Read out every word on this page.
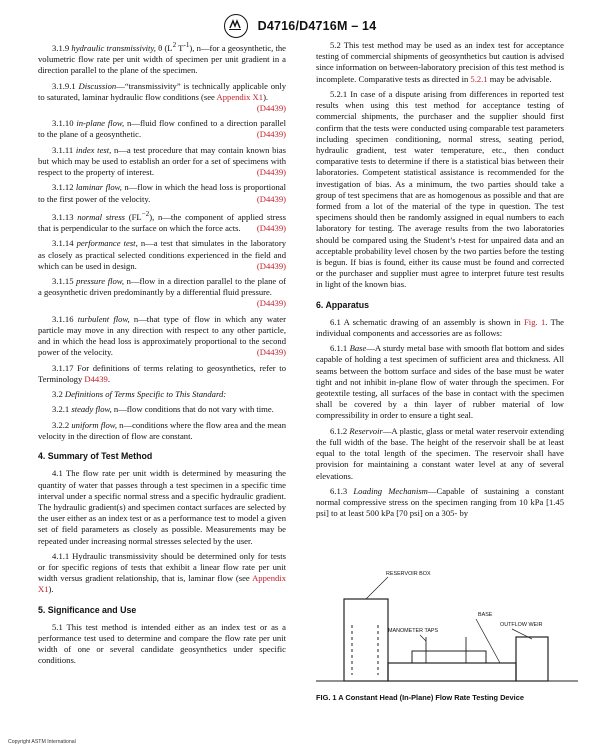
D4716/D4716M – 14

3.1.9 hydraulic transmissivity, θ ($L^2$ $T^{-1}$), n—for a geosynthetic, the volumetric flow rate per unit width of specimen per unit gradient in a direction parallel to the plane of the specimen.

3.1.9.1 Discussion—“transmissivity” is technically applicable only to saturated, laminar hydraulic flow conditions (see Appendix X1).
(D4439)

3.1.10 in-plane flow, n—fluid flow confined to a direction parallel to the plane of a geosynthetic.	(D4439)

3.1.11 index test, n—a test procedure that may contain known bias but which may be used to establish an order for a set of specimens with respect to the property of interest.	(D4439)

3.1.12 laminar flow, n—flow in which the head loss is proportional to the first power of the velocity.	(D4439)

3.1.13 normal stress $(FL^{-2})$, n—the component of applied stress that is perpendicular to the surface on which the force acts.	(D4439)

3.1.14 performance test, n—a test that simulates in the laboratory as closely as practical selected conditions experienced in the field and which can be used in design.	(D4439)

3.1.15 pressure flow, n—flow in a direction parallel to the plane of a geosynthetic driven predominantly by a differential fluid pressure.
(D4439)

3.1.16 turbulent flow, n—that type of flow in which any water particle may move in any direction with respect to any other particle, and in which the head loss is approximately proportional to the second power of the velocity.	(D4439)

3.1.17 For definitions of terms relating to geosynthetics, refer to Terminology D4439.

3.2 Definitions of Terms Specific to This Standard:

3.2.1 steady flow, n—flow conditions that do not vary with time.

3.2.2 uniform flow, n—conditions where the flow area and the mean velocity in the direction of flow are constant.

4. Summary of Test Method

4.1 The flow rate per unit width is determined by measuring the quantity of water that passes through a test specimen in a specific time interval under a specific normal stress and a specific hydraulic gradient. The hydraulic gradient(s) and specimen contact surfaces are selected by the user either as an index test or as a performance test to model a given set of field parameters as closely as possible. Measurements may be repeated under increasing normal stresses selected by the user.

4.1.1 Hydraulic transmissivity should be determined only for tests or for specific regions of tests that exhibit a linear flow rate per unit width versus gradient relationship, that is, laminar flow (see Appendix X1).

5. Significance and Use

5.1 This test method is intended either as an index test or as a performance test used to determine and compare the flow rate per unit width of one or several candidate geosynthetics under specific conditions.

5.2 This test method may be used as an index test for acceptance testing of commercial shipments of geosynthetics but caution is advised since information on between-laboratory precision of this test method is incomplete. Comparative tests as directed in 5.2.1 may be advisable.

5.2.1 In case of a dispute arising from differences in reported test results when using this test method for acceptance testing of commercial shipments, the purchaser and the supplier should first confirm that the tests were conducted using comparable test parameters including specimen conditioning, normal stress, seating period, hydraulic gradient, test water temperature, etc., then conduct comparative tests to determine if there is a statistical bias between their laboratories. Competent statistical assistance is recommended for the investigation of bias. As a minimum, the two parties should take a group of test specimens that are as homogenous as possible and that are formed from a lot of the material of the type in question. The test specimens should then be randomly assigned in equal numbers to each laboratory for testing. The average results from the two laboratories should be compared using the Student’s t-test for unpaired data and an acceptable probability level chosen by the two parties before the testing is begun. If bias is found, either its cause must be found and corrected or the purchaser and supplier must agree to interpret future test results in light of the known bias.

6. Apparatus

6.1 A schematic drawing of an assembly is shown in Fig. 1. The individual components and accessories are as follows:

6.1.1 Base—A sturdy metal base with smooth flat bottom and sides capable of holding a test specimen of sufficient area and thickness. All seams between the bottom surface and sides of the base must be water tight and not inhibit in-plane flow of water through the specimen. For geotextile testing, all surfaces of the base in contact with the specimen shall be covered by a thin layer of rubber material of low compressibility in order to ensure a tight seal.

6.1.2 Reservoir—A plastic, glass or metal water reservoir extending the full width of the base. The height of the reservoir shall be at least equal to the total length of the specimen. The reservoir shall have provision for maintaining a constant water level at any of several elevations.

6.1.3 Loading Mechanism—Capable of sustaining a constant normal compressive stress on the specimen ranging from 10 kPa [1.45 psi] to at least 500 kPa [70 psi] on a 305- by

RESERVOIR BOX
BASE
MANOMETER TAPS
OUTFLOW WEIR
FIG. 1 A Constant Head (In-Plane) Flow Rate Testing Device
Copyright ASTM International
